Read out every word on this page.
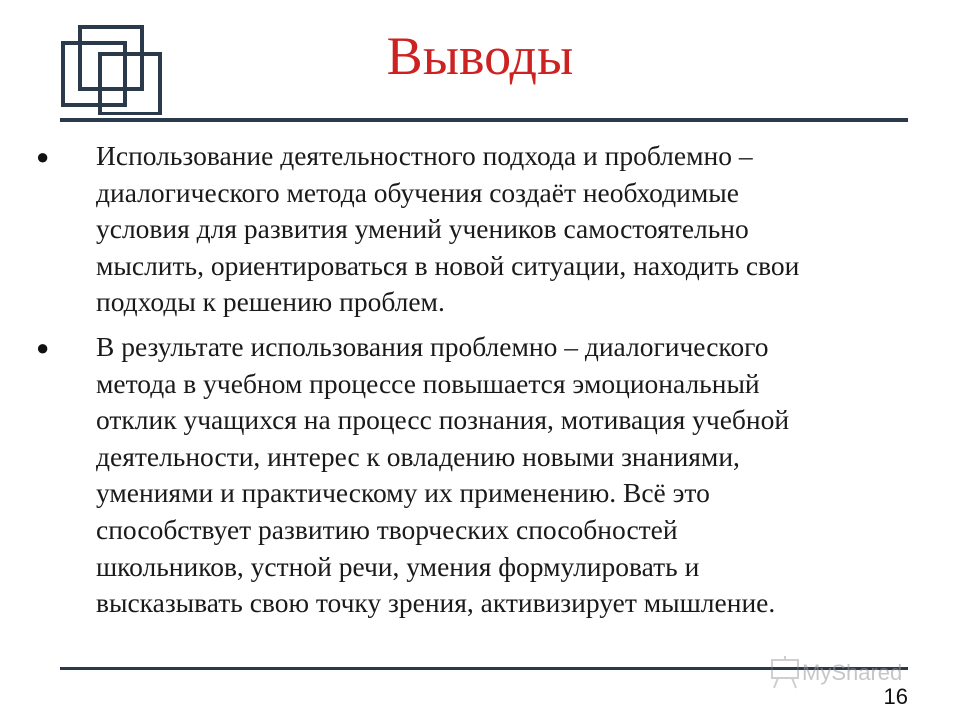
Выводы
● Использование деятельностного подхода и проблемно –
диалогического метода обучения создаёт необходимые
условия для развития умений учеников самостоятельно
мыслить, ориентироваться в новой ситуации, находить свои
подходы к решению проблем.
● В результате использования проблемно – диалогического
метода в учебном процессе повышается эмоциональный
отклик учащихся на процесс познания, мотивация учебной
деятельности, интерес к овладению новыми знаниями,
умениями и практическому их применению. Всё это
способствует развитию творческих способностей
школьников, устной речи, умения формулировать и
высказывать свою точку зрения, активизирует мышление.
MyShared
16
